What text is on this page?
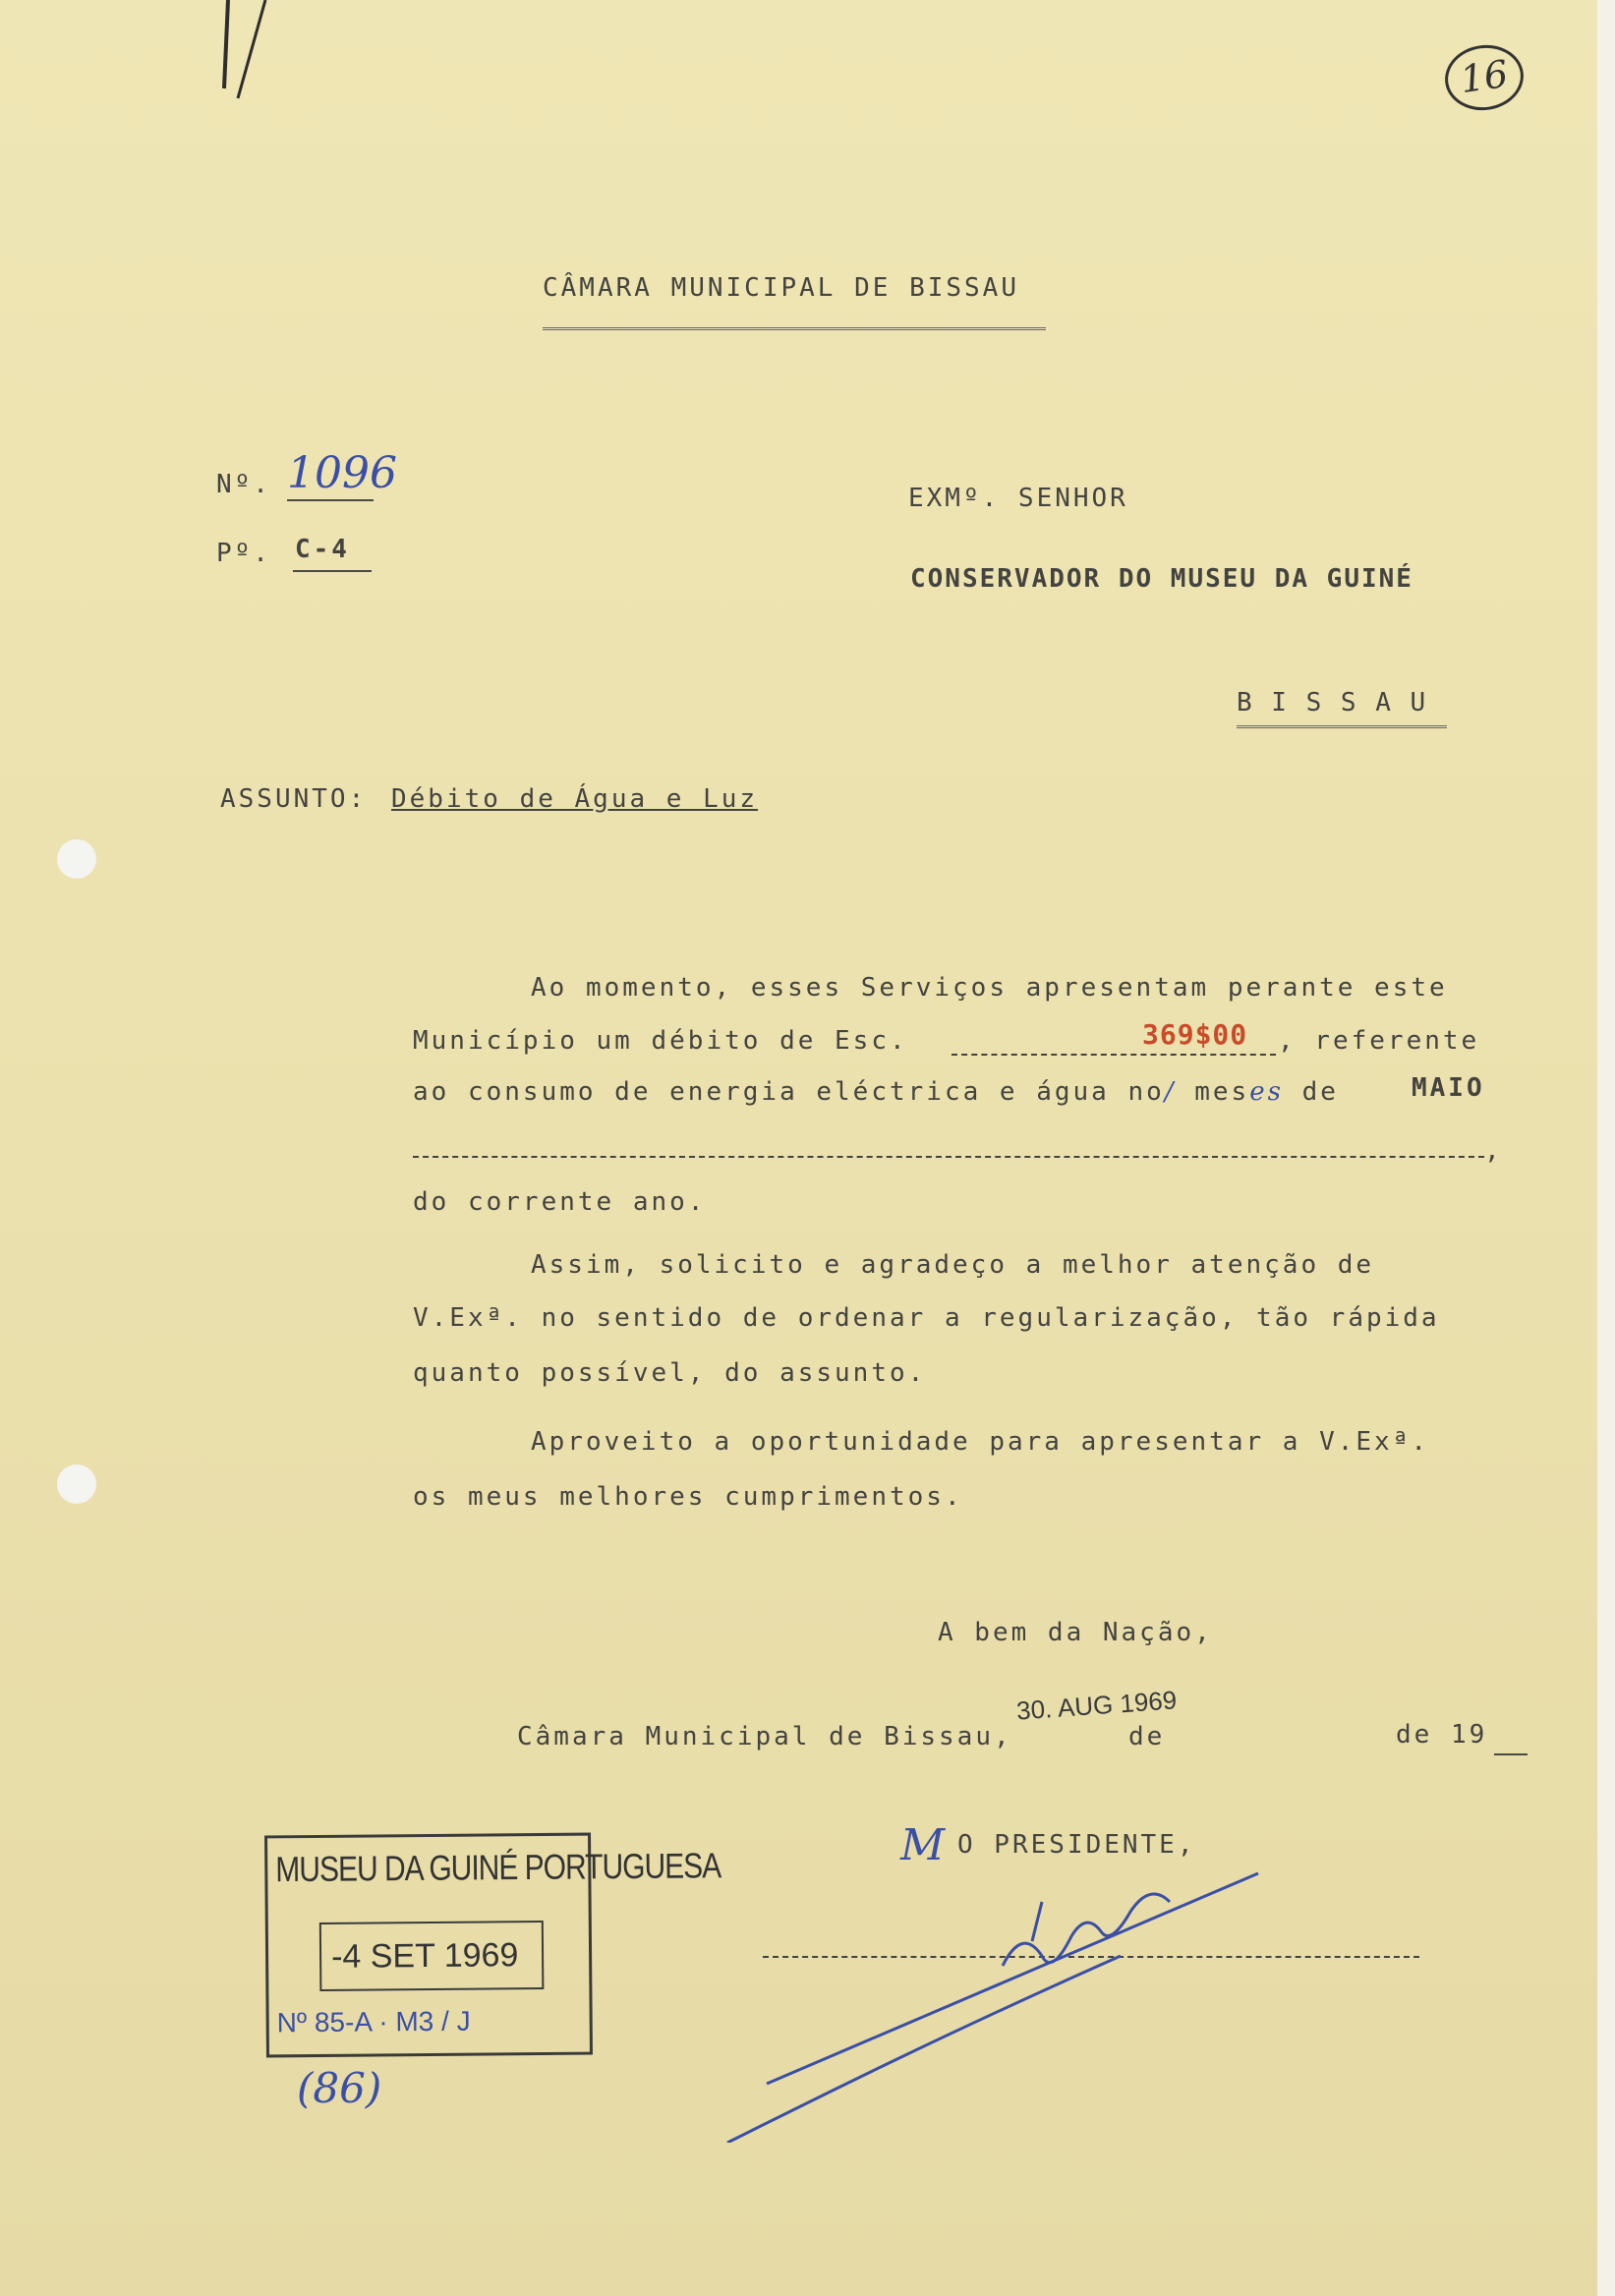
16
CÂMARA MUNICIPAL DE BISSAU
Nº. 1096
Pº. C-4
EXMº. SENHOR
CONSERVADOR DO MUSEU DA GUINÉ
B I S S A U
ASSUNTO: Débito de Água e Luz
Ao momento, esses Serviços apresentam perante este
Município um débito de Esc.	369$00 , referente
ao consumo de energia eléctrica e água no/ meses de	MAIO
,
do corrente ano.
Assim, solicito e agradeço a melhor atenção de
V.Exª. no sentido de ordenar a regularização, tão rápida
quanto possível, do assunto.
Aproveito a oportunidade para apresentar a V.Exª.
os meus melhores cumprimentos.
A bem da Nação,
Câmara Municipal de Bissau,
30. AUG 1969
de	de 19
M O PRESIDENTE,
MUSEU DA GUINÉ PORTUGUESA
-4 SET 1969
Nº 85-A · M3 / J
(86)
